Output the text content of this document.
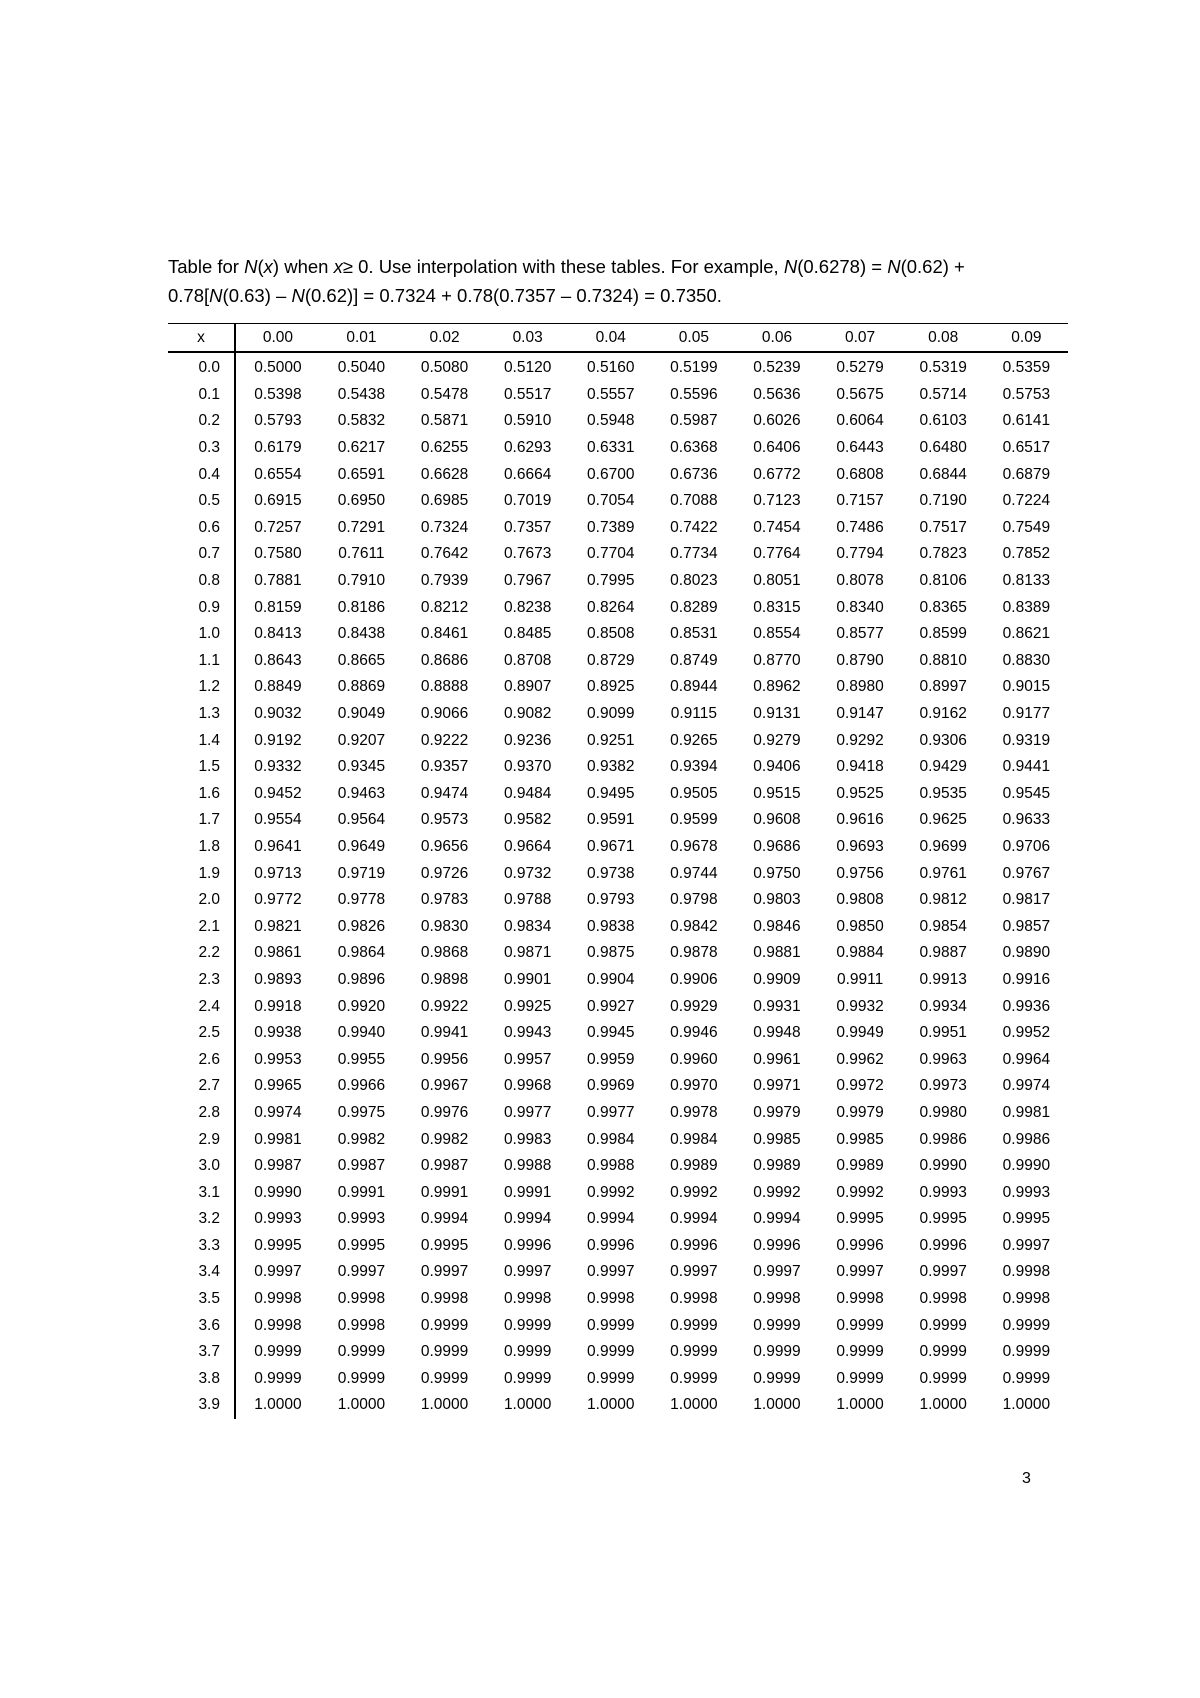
Table for N(x) when x≥ 0. Use interpolation with these tables. For example, N(0.6278) = N(0.62) + 0.78[N(0.63) – N(0.62)] = 0.7324 + 0.78(0.7357 – 0.7324) = 0.7350.

x	0.00	0.01	0.02	0.03	0.04	0.05	0.06	0.07	0.08	0.09
0.0	0.5000	0.5040	0.5080	0.5120	0.5160	0.5199	0.5239	0.5279	0.5319	0.5359
0.1	0.5398	0.5438	0.5478	0.5517	0.5557	0.5596	0.5636	0.5675	0.5714	0.5753
0.2	0.5793	0.5832	0.5871	0.5910	0.5948	0.5987	0.6026	0.6064	0.6103	0.6141
0.3	0.6179	0.6217	0.6255	0.6293	0.6331	0.6368	0.6406	0.6443	0.6480	0.6517
0.4	0.6554	0.6591	0.6628	0.6664	0.6700	0.6736	0.6772	0.6808	0.6844	0.6879
0.5	0.6915	0.6950	0.6985	0.7019	0.7054	0.7088	0.7123	0.7157	0.7190	0.7224
0.6	0.7257	0.7291	0.7324	0.7357	0.7389	0.7422	0.7454	0.7486	0.7517	0.7549
0.7	0.7580	0.7611	0.7642	0.7673	0.7704	0.7734	0.7764	0.7794	0.7823	0.7852
0.8	0.7881	0.7910	0.7939	0.7967	0.7995	0.8023	0.8051	0.8078	0.8106	0.8133
0.9	0.8159	0.8186	0.8212	0.8238	0.8264	0.8289	0.8315	0.8340	0.8365	0.8389
1.0	0.8413	0.8438	0.8461	0.8485	0.8508	0.8531	0.8554	0.8577	0.8599	0.8621
1.1	0.8643	0.8665	0.8686	0.8708	0.8729	0.8749	0.8770	0.8790	0.8810	0.8830
1.2	0.8849	0.8869	0.8888	0.8907	0.8925	0.8944	0.8962	0.8980	0.8997	0.9015
1.3	0.9032	0.9049	0.9066	0.9082	0.9099	0.9115	0.9131	0.9147	0.9162	0.9177
1.4	0.9192	0.9207	0.9222	0.9236	0.9251	0.9265	0.9279	0.9292	0.9306	0.9319
1.5	0.9332	0.9345	0.9357	0.9370	0.9382	0.9394	0.9406	0.9418	0.9429	0.9441
1.6	0.9452	0.9463	0.9474	0.9484	0.9495	0.9505	0.9515	0.9525	0.9535	0.9545
1.7	0.9554	0.9564	0.9573	0.9582	0.9591	0.9599	0.9608	0.9616	0.9625	0.9633
1.8	0.9641	0.9649	0.9656	0.9664	0.9671	0.9678	0.9686	0.9693	0.9699	0.9706
1.9	0.9713	0.9719	0.9726	0.9732	0.9738	0.9744	0.9750	0.9756	0.9761	0.9767
2.0	0.9772	0.9778	0.9783	0.9788	0.9793	0.9798	0.9803	0.9808	0.9812	0.9817
2.1	0.9821	0.9826	0.9830	0.9834	0.9838	0.9842	0.9846	0.9850	0.9854	0.9857
2.2	0.9861	0.9864	0.9868	0.9871	0.9875	0.9878	0.9881	0.9884	0.9887	0.9890
2.3	0.9893	0.9896	0.9898	0.9901	0.9904	0.9906	0.9909	0.9911	0.9913	0.9916
2.4	0.9918	0.9920	0.9922	0.9925	0.9927	0.9929	0.9931	0.9932	0.9934	0.9936
2.5	0.9938	0.9940	0.9941	0.9943	0.9945	0.9946	0.9948	0.9949	0.9951	0.9952
2.6	0.9953	0.9955	0.9956	0.9957	0.9959	0.9960	0.9961	0.9962	0.9963	0.9964
2.7	0.9965	0.9966	0.9967	0.9968	0.9969	0.9970	0.9971	0.9972	0.9973	0.9974
2.8	0.9974	0.9975	0.9976	0.9977	0.9977	0.9978	0.9979	0.9979	0.9980	0.9981
2.9	0.9981	0.9982	0.9982	0.9983	0.9984	0.9984	0.9985	0.9985	0.9986	0.9986
3.0	0.9987	0.9987	0.9987	0.9988	0.9988	0.9989	0.9989	0.9989	0.9990	0.9990
3.1	0.9990	0.9991	0.9991	0.9991	0.9992	0.9992	0.9992	0.9992	0.9993	0.9993
3.2	0.9993	0.9993	0.9994	0.9994	0.9994	0.9994	0.9994	0.9995	0.9995	0.9995
3.3	0.9995	0.9995	0.9995	0.9996	0.9996	0.9996	0.9996	0.9996	0.9996	0.9997
3.4	0.9997	0.9997	0.9997	0.9997	0.9997	0.9997	0.9997	0.9997	0.9997	0.9998
3.5	0.9998	0.9998	0.9998	0.9998	0.9998	0.9998	0.9998	0.9998	0.9998	0.9998
3.6	0.9998	0.9998	0.9999	0.9999	0.9999	0.9999	0.9999	0.9999	0.9999	0.9999
3.7	0.9999	0.9999	0.9999	0.9999	0.9999	0.9999	0.9999	0.9999	0.9999	0.9999
3.8	0.9999	0.9999	0.9999	0.9999	0.9999	0.9999	0.9999	0.9999	0.9999	0.9999
3.9	1.0000	1.0000	1.0000	1.0000	1.0000	1.0000	1.0000	1.0000	1.0000	1.0000
3
